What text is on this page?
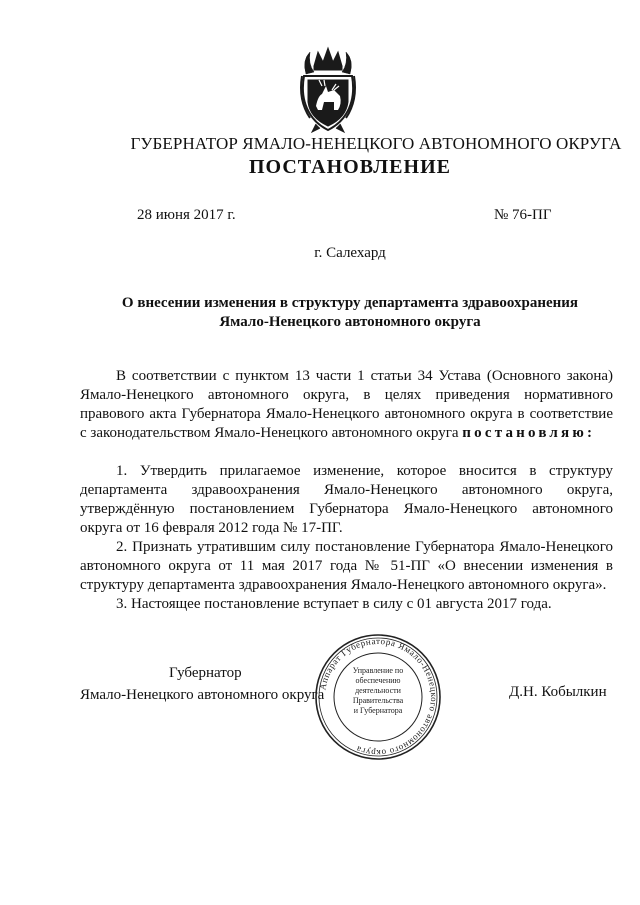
ГУБЕРНАТОР ЯМАЛО-НЕНЕЦКОГО АВТОНОМНОГО ОКРУГА
ПОСТАНОВЛЕНИЕ
28 июня 2017 г.	№ 76-ПГ
г. Салехард
О внесении изменения в структуру департамента здравоохранения
Ямало-Ненецкого автономного округа

В соответствии с пунктом 13 части 1 статьи 34 Устава (Основного закона) Ямало-Ненецкого автономного округа, в целях приведения нормативного правового акта Губернатора Ямало-Ненецкого автономного округа в соответствие с законодательством Ямало-Ненецкого автономного округа постановляю:

1. Утвердить прилагаемое изменение, которое вносится в структуру департамента здравоохранения Ямало-Ненецкого автономного округа, утверждённую постановлением Губернатора Ямало-Ненецкого автономного округа от 16 февраля 2012 года № 17-ПГ.

2. Признать утратившим силу постановление Губернатора Ямало-Ненецкого автономного округа от 11 мая 2017 года № 51-ПГ «О внесении изменения в структуру департамента здравоохранения Ямало-Ненецкого автономного округа».

3. Настоящее постановление вступает в силу с 01 августа 2017 года.

Губернатор
Ямало-Ненецкого автономного округа	Д.Н. Кобылкин
Аппарат Губернатора Ямало-Ненецкого автономного округа
Управление по
обеспечению
деятельности
Правительства
и Губернатора
